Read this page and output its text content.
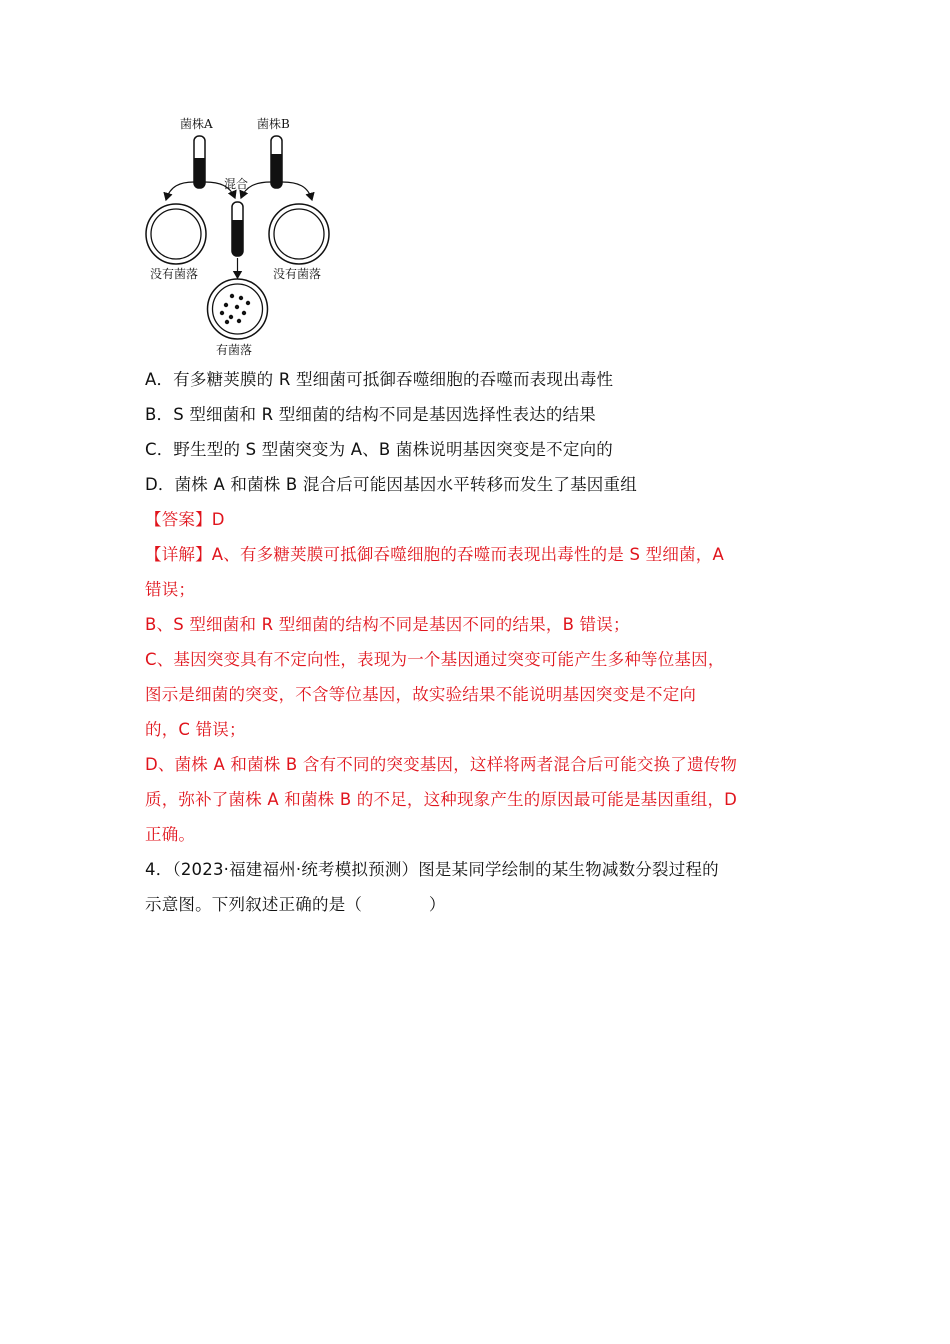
菌株A	菌株B
混合
没有菌落	没有菌落
有菌落
A．有多糖荚膜的 R 型细菌可抵御吞噬细胞的吞噬而表现出毒性
B．S 型细菌和 R 型细菌的结构不同是基因选择性表达的结果
C．野生型的 S 型菌突变为 A、B 菌株说明基因突变是不定向的
D．菌株 A 和菌株 B 混合后可能因基因水平转移而发生了基因重组
【答案】D
【详解】A、有多糖荚膜可抵御吞噬细胞的吞噬而表现出毒性的是 S 型细菌，A
错误；
B、S 型细菌和 R 型细菌的结构不同是基因不同的结果，B 错误；
C、基因突变具有不定向性，表现为一个基因通过突变可能产生多种等位基因，
图示是细菌的突变，不含等位基因，故实验结果不能说明基因突变是不定向
的，C 错误；
D、菌株 A 和菌株 B 含有不同的突变基因，这样将两者混合后可能交换了遗传物
质，弥补了菌株 A 和菌株 B 的不足，这种现象产生的原因最可能是基因重组，D
正确。
4．（2023·福建福州·统考模拟预测）图是某同学绘制的某生物减数分裂过程的
示意图。下列叙述正确的是（　　　　）
